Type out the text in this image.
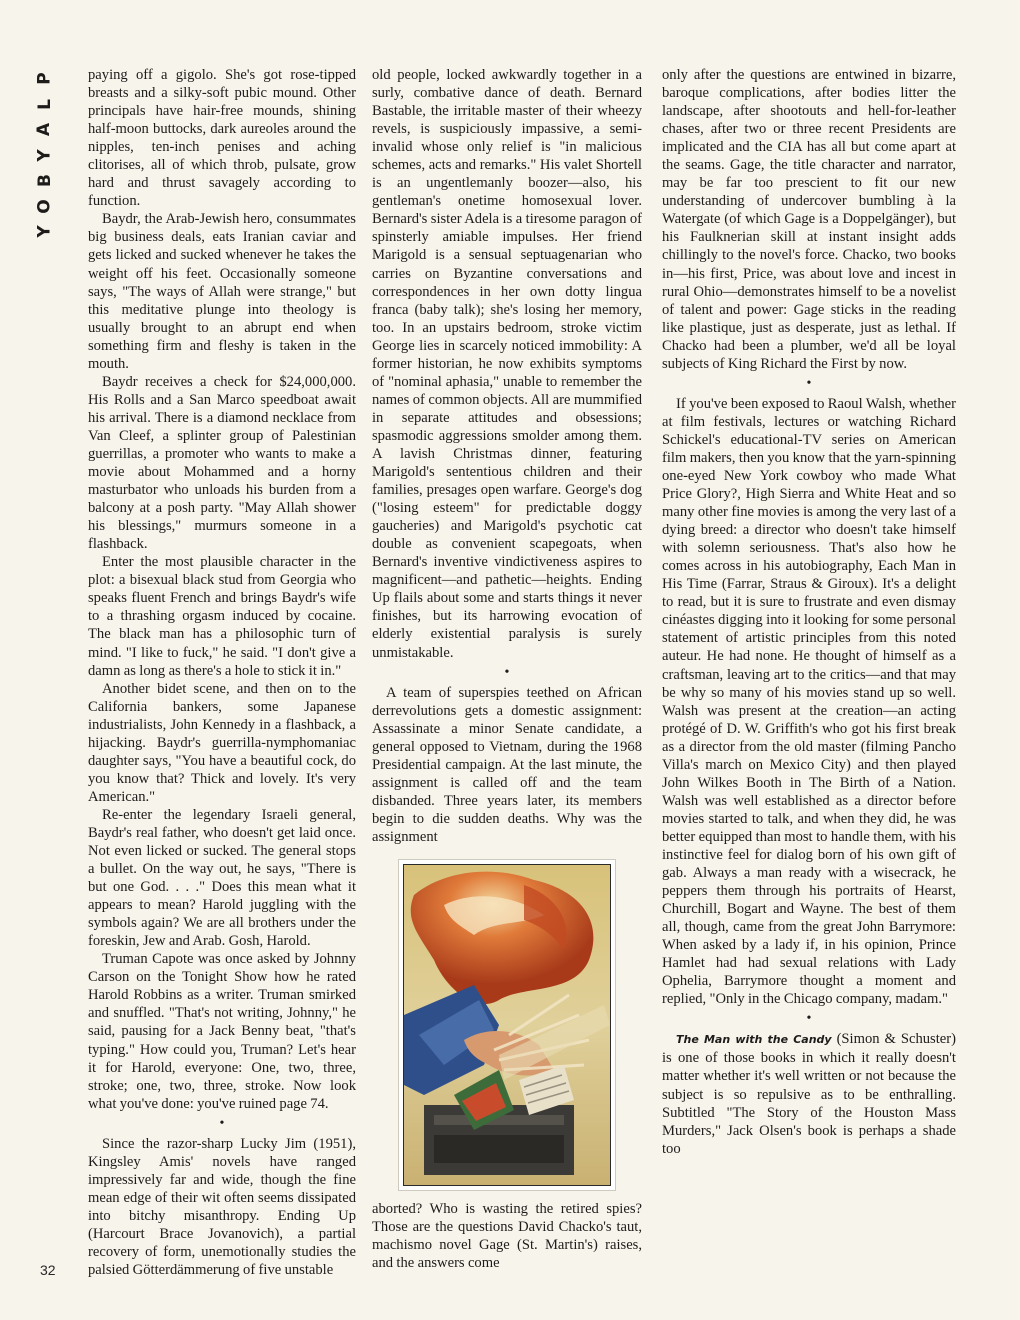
P
L
A
Y
B
O
Y

paying off a gigolo. She's got rose-tipped breasts and a silky-soft pubic mound. Other principals have hair-free mounds, shining half-moon buttocks, dark aureoles around the nipples, ten-inch penises and aching clitorises, all of which throb, pulsate, grow hard and thrust savagely according to function.

Baydr, the Arab-Jewish hero, consummates big business deals, eats Iranian caviar and gets licked and sucked whenever he takes the weight off his feet. Occasionally someone says, "The ways of Allah were strange," but this meditative plunge into theology is usually brought to an abrupt end when something firm and fleshy is taken in the mouth.

Baydr receives a check for $24,000,000. His Rolls and a San Marco speedboat await his arrival. There is a diamond necklace from Van Cleef, a splinter group of Palestinian guerrillas, a promoter who wants to make a movie about Mohammed and a horny masturbator who unloads his burden from a balcony at a posh party. "May Allah shower his blessings," murmurs someone in a flashback.

Enter the most plausible character in the plot: a bisexual black stud from Georgia who speaks fluent French and brings Baydr's wife to a thrashing orgasm induced by cocaine. The black man has a philosophic turn of mind. "I like to fuck," he said. "I don't give a damn as long as there's a hole to stick it in."

Another bidet scene, and then on to the California bankers, some Japanese industrialists, John Kennedy in a flashback, a hijacking. Baydr's guerrilla-nymphomaniac daughter says, "You have a beautiful cock, do you know that? Thick and lovely. It's very American."

Re-enter the legendary Israeli general, Baydr's real father, who doesn't get laid once. Not even licked or sucked. The general stops a bullet. On the way out, he says, "There is but one God. . . ." Does this mean what it appears to mean? Harold juggling with the symbols again? We are all brothers under the foreskin, Jew and Arab. Gosh, Harold.

Truman Capote was once asked by Johnny Carson on the Tonight Show how he rated Harold Robbins as a writer. Truman smirked and snuffled. "That's not writing, Johnny," he said, pausing for a Jack Benny beat, "that's typing." How could you, Truman? Let's hear it for Harold, everyone: One, two, three, stroke; one, two, three, stroke. Now look what you've done: you've ruined page 74.

•

Since the razor-sharp Lucky Jim (1951), Kingsley Amis' novels have ranged impressively far and wide, though the fine mean edge of their wit often seems dissipated into bitchy misanthropy. Ending Up (Harcourt Brace Jovanovich), a partial recovery of form, unemotionally studies the palsied Götterdämmerung of five unstable

old people, locked awkwardly together in a surly, combative dance of death. Bernard Bastable, the irritable master of their wheezy revels, is suspiciously impassive, a semi-invalid whose only relief is "in malicious schemes, acts and remarks." His valet Shortell is an ungentlemanly boozer—also, his gentleman's onetime homosexual lover. Bernard's sister Adela is a tiresome paragon of spinsterly amiable impulses. Her friend Marigold is a sensual septuagenarian who carries on Byzantine conversations and correspondences in her own dotty lingua franca (baby talk); she's losing her memory, too. In an upstairs bedroom, stroke victim George lies in scarcely noticed immobility: A former historian, he now exhibits symptoms of "nominal aphasia," unable to remember the names of common objects. All are mummified in separate attitudes and obsessions; spasmodic aggressions smolder among them. A lavish Christmas dinner, featuring Marigold's sententious children and their families, presages open warfare. George's dog ("losing esteem" for predictable doggy gaucheries) and Marigold's psychotic cat double as convenient scapegoats, when Bernard's inventive vindictiveness aspires to magnificent—and pathetic—heights. Ending Up flails about some and starts things it never finishes, but its harrowing evocation of elderly existential paralysis is surely unmistakable.

•

A team of superspies teethed on African derrevolutions gets a domestic assignment: Assassinate a minor Senate candidate, a general opposed to Vietnam, during the 1968 Presidential campaign. At the last minute, the assignment is called off and the team disbanded. Three years later, its members begin to die sudden deaths. Why was the assignment

aborted? Who is wasting the retired spies? Those are the questions David Chacko's taut, machismo novel Gage (St. Martin's) raises, and the answers come

only after the questions are entwined in bizarre, baroque complications, after bodies litter the landscape, after shootouts and hell-for-leather chases, after two or three recent Presidents are implicated and the CIA has all but come apart at the seams. Gage, the title character and narrator, may be far too prescient to fit our new understanding of undercover bumbling à la Watergate (of which Gage is a Doppelgänger), but his Faulknerian skill at instant insight adds chillingly to the novel's force. Chacko, two books in—his first, Price, was about love and incest in rural Ohio—demonstrates himself to be a novelist of talent and power: Gage sticks in the reading like plastique, just as desperate, just as lethal. If Chacko had been a plumber, we'd all be loyal subjects of King Richard the First by now.

•

If you've been exposed to Raoul Walsh, whether at film festivals, lectures or watching Richard Schickel's educational-TV series on American film makers, then you know that the yarn-spinning one-eyed New York cowboy who made What Price Glory?, High Sierra and White Heat and so many other fine movies is among the very last of a dying breed: a director who doesn't take himself with solemn seriousness. That's also how he comes across in his autobiography, Each Man in His Time (Farrar, Straus & Giroux). It's a delight to read, but it is sure to frustrate and even dismay cinéastes digging into it looking for some personal statement of artistic principles from this noted auteur. He had none. He thought of himself as a craftsman, leaving art to the critics—and that may be why so many of his movies stand up so well. Walsh was present at the creation—an acting protégé of D. W. Griffith's who got his first break as a director from the old master (filming Pancho Villa's march on Mexico City) and then played John Wilkes Booth in The Birth of a Nation. Walsh was well established as a director before movies started to talk, and when they did, he was better equipped than most to handle them, with his instinctive feel for dialog born of his own gift of gab. Always a man ready with a wisecrack, he peppers them through his portraits of Hearst, Churchill, Bogart and Wayne. The best of them all, though, came from the great John Barrymore: When asked by a lady if, in his opinion, Prince Hamlet had had sexual relations with Lady Ophelia, Barrymore thought a moment and replied, "Only in the Chicago company, madam."

•

The Man with the Candy (Simon & Schuster) is one of those books in which it really doesn't matter whether it's well written or not because the subject is so repulsive as to be enthralling. Subtitled "The Story of the Houston Mass Murders," Jack Olsen's book is perhaps a shade too

32
